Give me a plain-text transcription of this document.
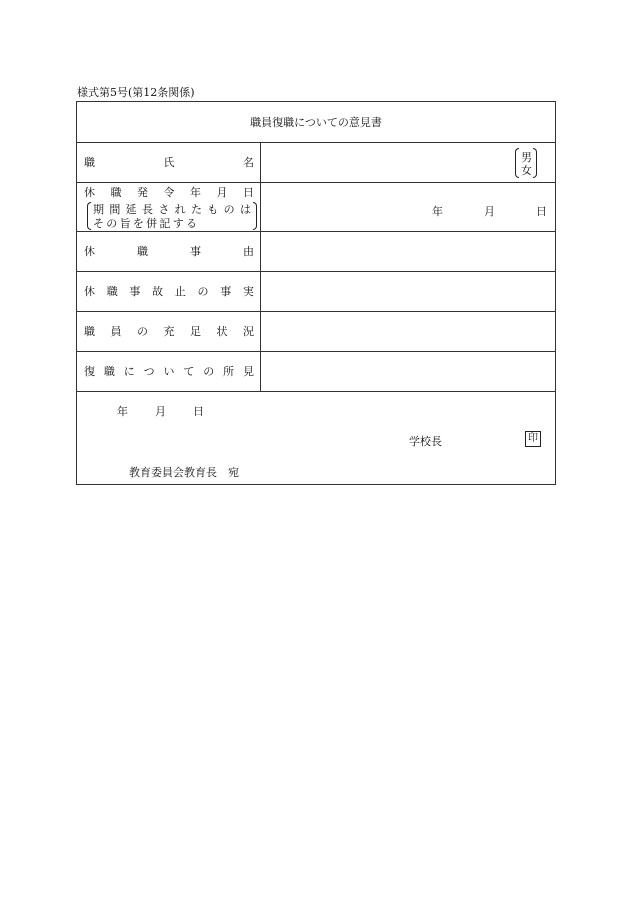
様式第5号(第12条関係)
職員復職についての意見書
職	氏	名	男
女
休 職 発 令 年 月 日
期 間 延 長 さ れ た も の は
そ の 旨 を 併 記 す る
年	月	日
休	職	事	由
休 職 事 故 止 の 事 実
職 員 の 充 足 状 況
復 職 に つ い て の 所 見
年	月	日
学校長	印
教育委員会教育長　宛
